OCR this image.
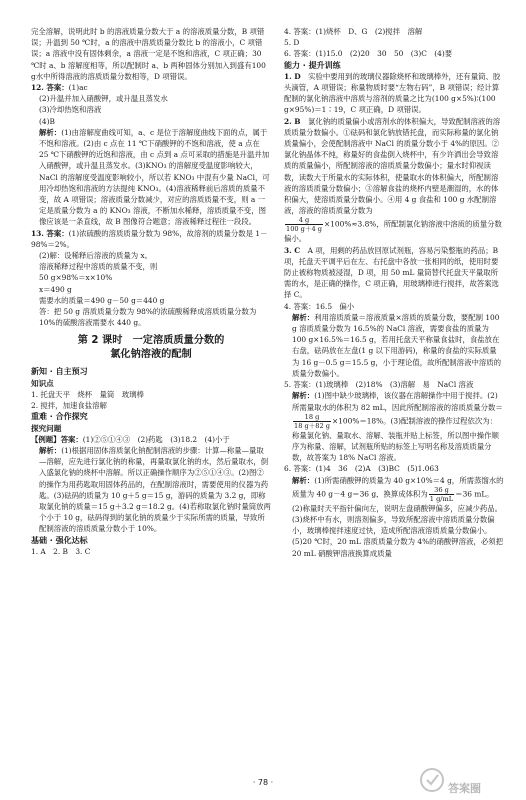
完全溶解，说明此时 b 的溶液质量分数大于 a 的溶液质量分数，B 项错误；升温到 50 ℃时，a 的溶液中溶质质量分数比 b 的溶液小，C 项错误；a 溶液中没有固体剩余，a 溶液一定是不饱和溶液，C 项正确；30 ℃时 a、b 溶解度相等，所以配制时 a、b 两种固体分别加入到盛有100 g水中所得溶液的溶质质量分数相等，D 项错误。

12. 答案：(1)ac

(2)升温并加入硝酸钾，或升温且蒸发水

(3)冷却热饱和溶液

(4)B

解析：(1)由溶解度曲线可知，a、c 是位于溶解度曲线下面的点，属于不饱和溶液。(2)由 c 点在 11 ℃下硝酸钾的不饱和溶液，使 a 点在 25 ℃下硝酸钾的近饱和溶液，由 c 点到 a 点可采取的措施是升温并加入硝酸钾，或升温且蒸发水。(3)KNO₃ 的溶解度受温度影响较大，NaCl 的溶解度受温度影响较小，所以若 KNO₃ 中混有少量 NaCl，可用冷却热饱和溶液的方法提纯 KNO₃。(4)溶液稀释前后溶质的质量不变，故 A 项错误；溶液质量分数减少，对应的溶质质量不变，则 a 一定是质量分数为 a 的 KNO₃ 溶液，不断加水稀释，溶质质量不变，图像应该是一条直线，故 B 图像符合题意；溶液稀释过程往一段段。

13. 答案：(1)浓硫酸的溶质质量分数为 98%，故溶剂的质量分数是 1－98%＝2%。

(2)解：设稀释后溶液的质量为 x。

溶液稀释过程中溶质的质量不变，则

50 g×98%＝x×10%

x＝490 g

需要水的质量＝490 g－50 g＝440 g

答：把 50 g 溶质质量分数为 98%的浓硫酸稀释成溶质质量分数为 10%的硫酸溶液需要水 440 g。

第 2 课时　一定溶质质量分数的
氯化钠溶液的配制

新知 · 自主预习

知识点

1. 托盘天平　烧杯　量筒　玻璃棒

2. 搅拌，加速食盐溶解

重难 · 合作探究

探究问题

【例题】答案：(1)②⑤①④③　(2)药匙　(3)18.2　(4)小于

解析：(1)根据用固体溶质氯化钠配制溶液的步骤：计算—称量—量取—溶解，应先进行氯化钠的称量，再量取氯化钠的水，然后量取水，倒入盛氯化钠的烧杯中溶解。所以正确操作顺序为②⑤①④③。(2)图②的操作为用药匙取用固体药品的，在配制溶液时，需要使用的仪器为药匙。(3)砝码的质量为 10 g＋5 g＝15 g，游码的质量为 3.2 g，即称取氯化钠的质量＝15 g＋3.2 g＝18.2 g。(4)若称取氯化钠时量筒放两个小于 10 g，砝码得到的氯化钠的质量少于实际所需的质量，导致所配制溶液的溶质质量分数小于 10%。

基础 · 强化达标

1. A　2. B　3. C

4. 答案：(1)烧杯　D、G　(2)搅拌　溶解

5. D

6. 答案：(1)15.0　(2)20　30　50　(3)C　(4)要

能力 · 提升训练

1. D　实验中要用到的玻璃仪器除烧杯和玻璃棒外，还有量筒、胶头滴管，A 项错误；称量物质时要“左物右码”，B 项错误；经计算配制的氯化钠溶液中溶质与溶剂的质量之比为(100 g×5%)∶(100 g×95%)＝1∶19，C 项正确，D 项错误。

2. B　氯化钠的质量偏小或溶剂水的体积偏大，导致配制溶液的溶质质量分数偏小。①砝码和氯化钠放错托盘，而实际称量的氯化钠质量偏小，会使配制溶液中 NaCl 的质量分数小于 4%的原因。②氯化钠晶体不纯，称量好的食盐倒入烧杯中，有少许洒出会导致溶质的质量偏小，所配制溶液的溶质质量分数偏小；量水时仰视读数，读数大于所量水的实际体积，使量取水的体积偏大，所配制溶液的溶质质量分数偏小；③溶解食盐的烧杯内壁是潮湿的，水的体积偏大，使溶质质量分数偏小。④用 4 g 食盐和 100 g 水配制溶液，溶液的溶质质量分数为

$\frac{4 g}{100 g+4 g} \times 100\%\approx 3.8\%$，所配制氯化钠溶液中溶质的质量分数偏小。

3. C　A 项，用剩的药品放回原试剂瓶，容易污染整瓶的药品；B 项，托盘天平调平后在左、右托盘中各放一张相同的纸，使用时要防止被称物质被浸湿，D 项，用 50 mL 量筒替代托盘天平量取所需的水，是正确的操作，C 项正确，用玻璃棒进行搅拌，故答案选择 C。

4. 答案：16.5　偏小

解析：利用溶质质量＝溶液质量×溶质的质量分数，要配制 100 g 溶质质量分数为 16.5%的 NaCl 溶液，需要食盐的质量为 100 g×16.5%＝16.5 g，若用托盘天平称量食盐时，食盐放在右盘，砝码放在左盘(1 g 以下用游码)，称量的食盐的实际质量为 16 g－0.5 g＝15.5 g，小于理论值，故所配制溶液中溶质的质量分数偏小。

5. 答案：(1)玻璃棒　(2)18%　(3)溶解　易　NaCl 溶液

解析：(1)图中缺少玻璃棒，该仪器在溶解操作中用于搅拌。(2)所需量取水的体积为 82 mL，因此所配制溶液的溶质质量分数＝
$\frac{18 g}{18 g+82 g} \times 100\%=18\%$。(3)配制溶液的操作过程依次为：称量氯化钠、量取水、溶解、装瓶并贴上标签，所以图中操作顺序为称量、溶解，试剂瓶所贴的标签上写明名称及溶质质量分数，故答案为 18% NaCl 溶液。

6. 答案：(1)4　36　(2)A　(3)BC　(5)1.063

解析：(1)所需硝酸钾的质量为 40 g×10%＝4 g，所需蒸馏水的质量为 40 g－4 g＝36 g，换算成体积为 $\frac{36 g}{1 g/mL} =36$ mL。(2)称量时天平指针偏向左，说明左盘硝酸钾偏多，应减少药品。(3)烧杯中有水，则溶剂偏多，导致所配溶液中溶质质量分数偏小，玻璃棒搅拌速度过快，造成所配溶液溶质质量分数偏小。(5)20 ℃时，20 mL 溶质质量分数为 4%的硝酸钾溶液，必须把 20 mL 硝酸钾溶液换算成质量

· 78 ·	答案圈
